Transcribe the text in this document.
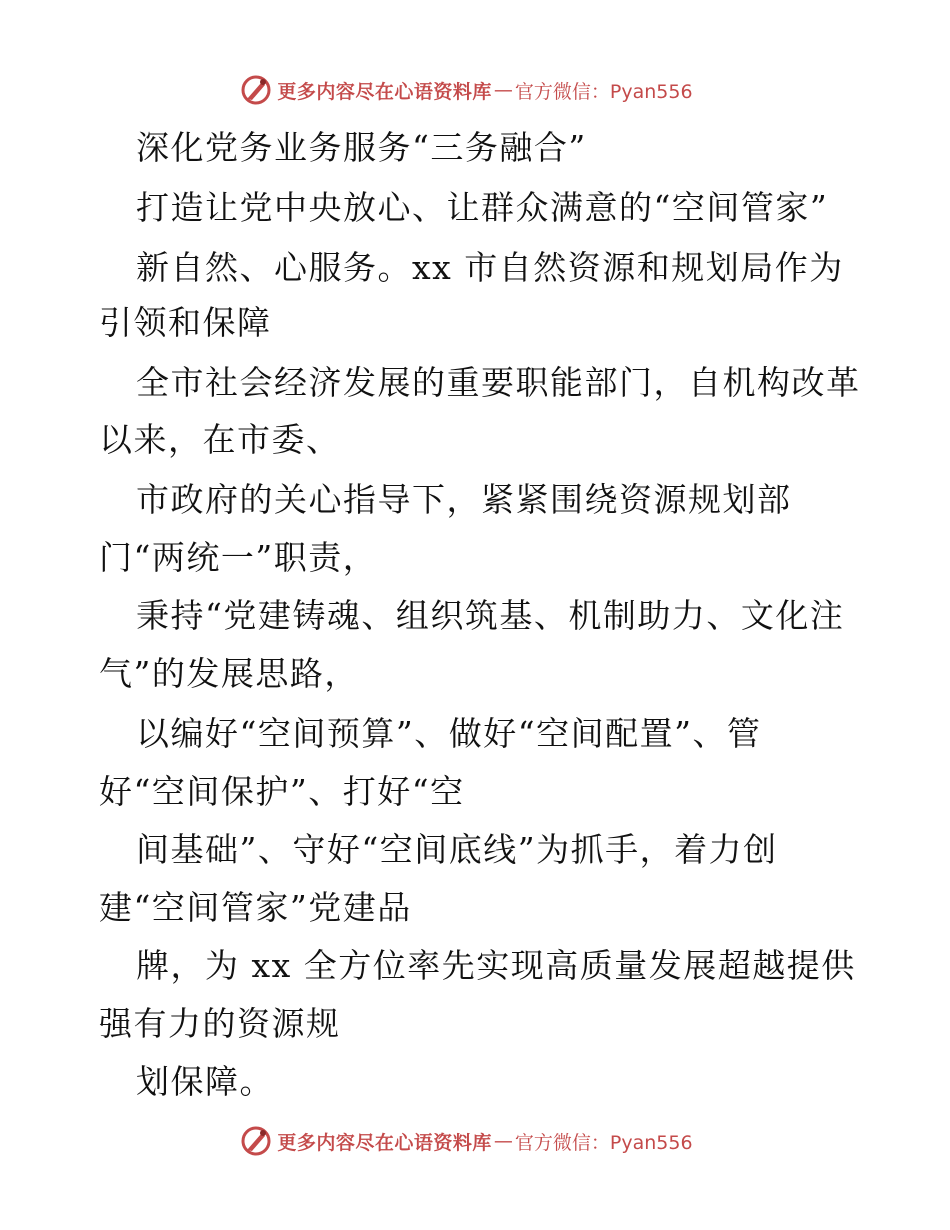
更多内容尽在心语资料库 — 官方微信：Pyan556
深化党务业务服务“三务融合”
打造让党中央放心、让群众满意的“空间管家”
新自然、心服务。xx 市自然资源和规划局作为
引领和保障
全市社会经济发展的重要职能部门，自机构改革
以来，在市委、
市政府的关心指导下，紧紧围绕资源规划部
门“两统一”职责，
秉持“党建铸魂、组织筑基、机制助力、文化注
气”的发展思路，
以编好“空间预算”、做好“空间配置”、管
好“空间保护”、打好“空
间基础”、守好“空间底线”为抓手，着力创
建“空间管家”党建品
牌，为 xx 全方位率先实现高质量发展超越提供
强有力的资源规
划保障。
更多内容尽在心语资料库 — 官方微信：Pyan556
